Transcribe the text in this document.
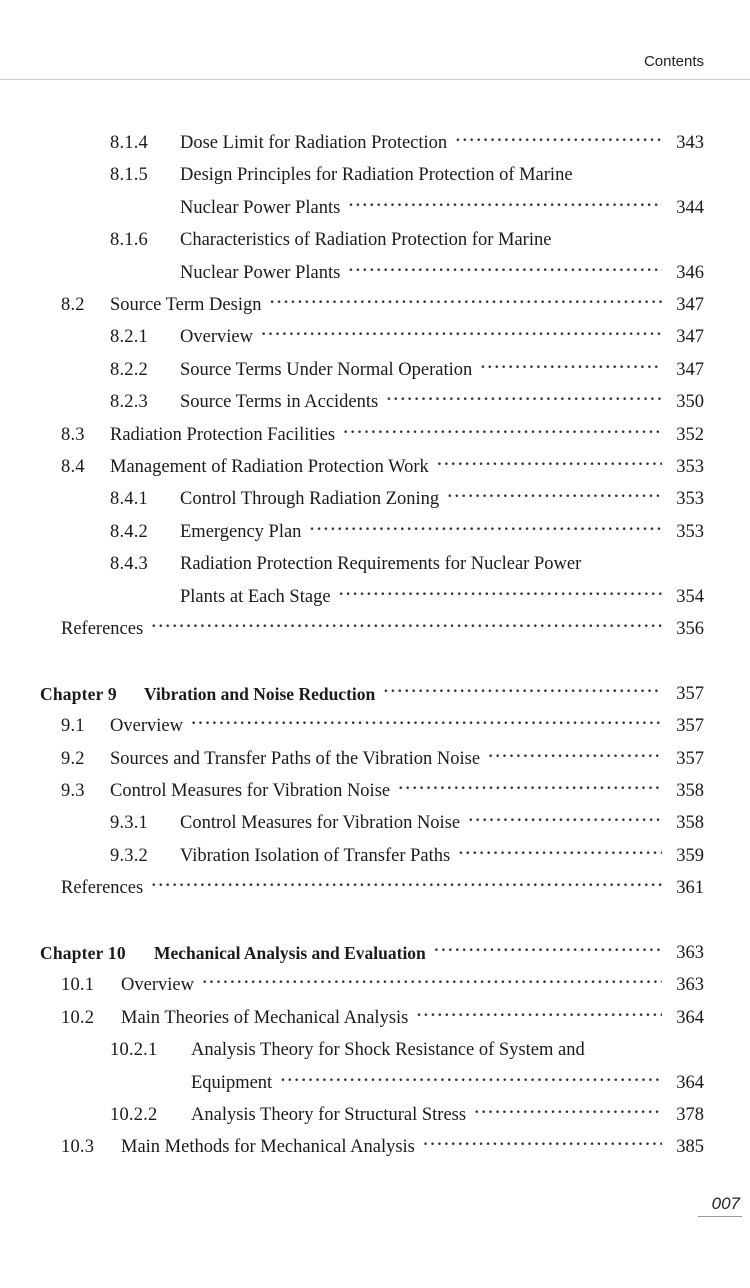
Contents
8.1.4	Dose Limit for Radiation Protection ·····	343
8.1.5	Design Principles for Radiation Protection of Marine
Nuclear Power Plants ·····	344
8.1.6	Characteristics of Radiation Protection for Marine
Nuclear Power Plants ·····	346
8.2	Source Term Design ·····	347
8.2.1	Overview ·····	347
8.2.2	Source Terms Under Normal Operation ·····	347
8.2.3	Source Terms in Accidents ·····	350
8.3	Radiation Protection Facilities ·····	352
8.4	Management of Radiation Protection Work ·····	353
8.4.1	Control Through Radiation Zoning ·····	353
8.4.2	Emergency Plan ·····	353
8.4.3	Radiation Protection Requirements for Nuclear Power
Plants at Each Stage ·····	354
References ·····	356
Chapter 9	Vibration and Noise Reduction ·····	357
9.1	Overview ·····	357
9.2	Sources and Transfer Paths of the Vibration Noise ·····	357
9.3	Control Measures for Vibration Noise ·····	358
9.3.1	Control Measures for Vibration Noise ·····	358
9.3.2	Vibration Isolation of Transfer Paths ·····	359
References ·····	361
Chapter 10	Mechanical Analysis and Evaluation ·····	363
10.1	Overview ·····	363
10.2	Main Theories of Mechanical Analysis ·····	364
10.2.1	Analysis Theory for Shock Resistance of System and
Equipment ·····	364
10.2.2	Analysis Theory for Structural Stress ·····	378
10.3	Main Methods for Mechanical Analysis ·····	385
007
